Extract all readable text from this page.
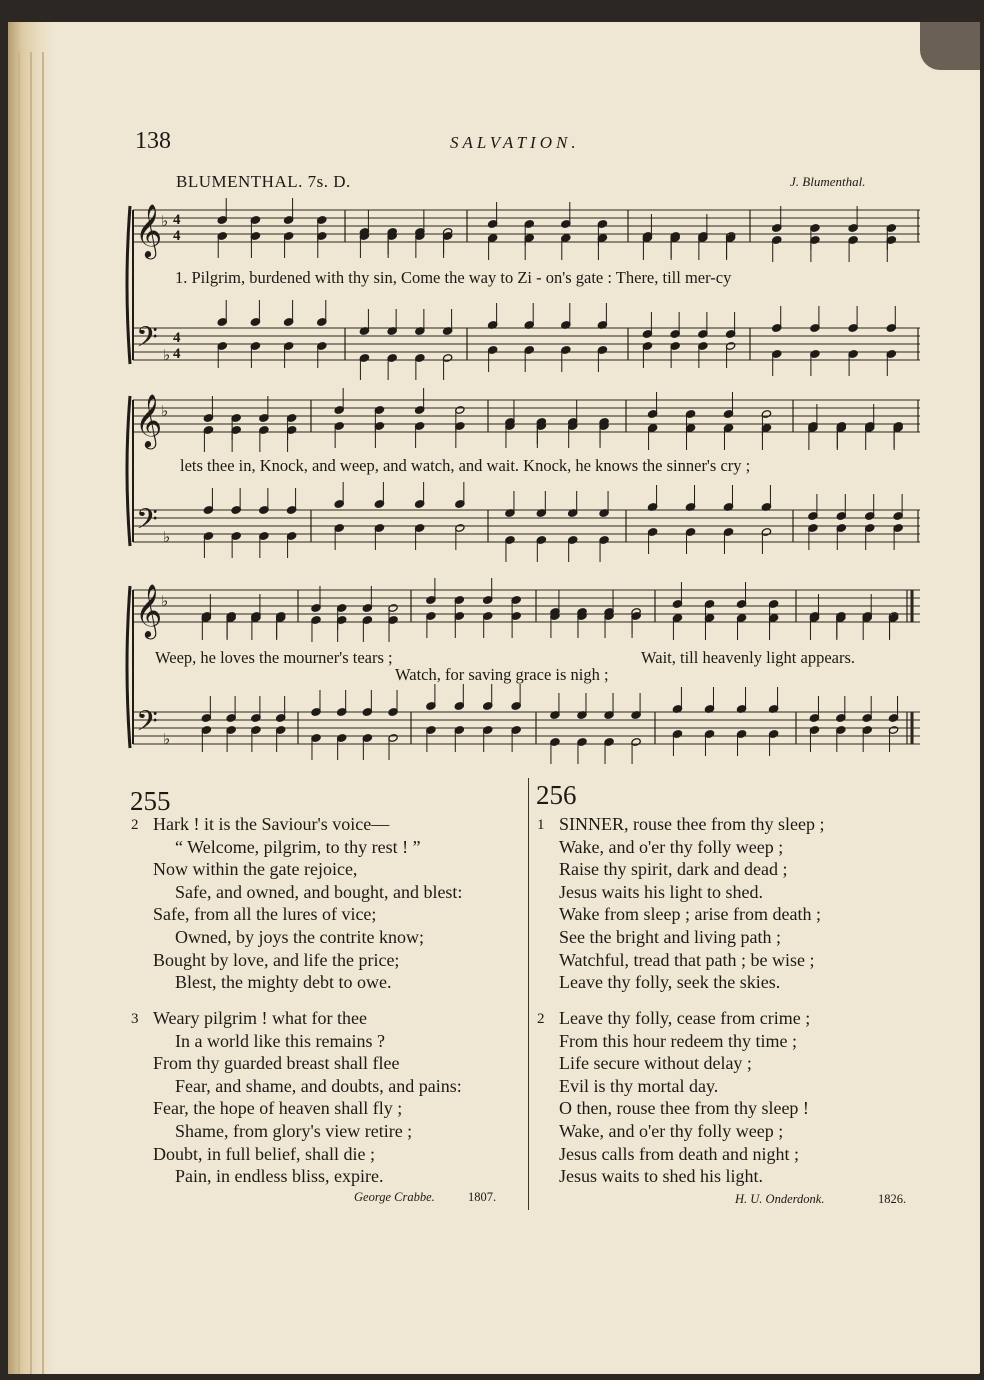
138	SALVATION.
BLUMENTHAL. 7s. D.	J. Blumenthal.
𝄞
𝄢
♭
♭
4
4
4
4
𝄞
𝄢
♭
♭
𝄞
𝄢
♭
♭
1. Pilgrim, burdened with thy sin, Come the way to Zi - on's gate : There, till mer-cy
lets thee in, Knock, and weep, and watch, and wait. Knock, he knows the sinner's cry ;
Weep, he loves the mourner's tears ;	Wait, till heavenly light appears.
Watch, for saving grace is nigh ;
255	256
2 Hark ! it is the Saviour's voice—
“ Welcome, pilgrim, to thy rest ! ”
Now within the gate rejoice,
Safe, and owned, and bought, and blest:
Safe, from all the lures of vice;
Owned, by joys the contrite know;
Bought by love, and life the price;
Blest, the mighty debt to owe.
3 Weary pilgrim ! what for thee
In a world like this remains ?
From thy guarded breast shall flee
Fear, and shame, and doubts, and pains:
Fear, the hope of heaven shall fly ;
Shame, from glory's view retire ;
Doubt, in full belief, shall die ;
Pain, in endless bliss, expire.
1 SINNER, rouse thee from thy sleep ;
Wake, and o'er thy folly weep ;
Raise thy spirit, dark and dead ;
Jesus waits his light to shed.
Wake from sleep ; arise from death ;
See the bright and living path ;
Watchful, tread that path ; be wise ;
Leave thy folly, seek the skies.
2 Leave thy folly, cease from crime ;
From this hour redeem thy time ;
Life secure without delay ;
Evil is thy mortal day.
O then, rouse thee from thy sleep !
Wake, and o'er thy folly weep ;
Jesus calls from death and night ;
Jesus waits to shed his light.
George Crabbe.	1807.	H. U. Onderdonk.	1826.
